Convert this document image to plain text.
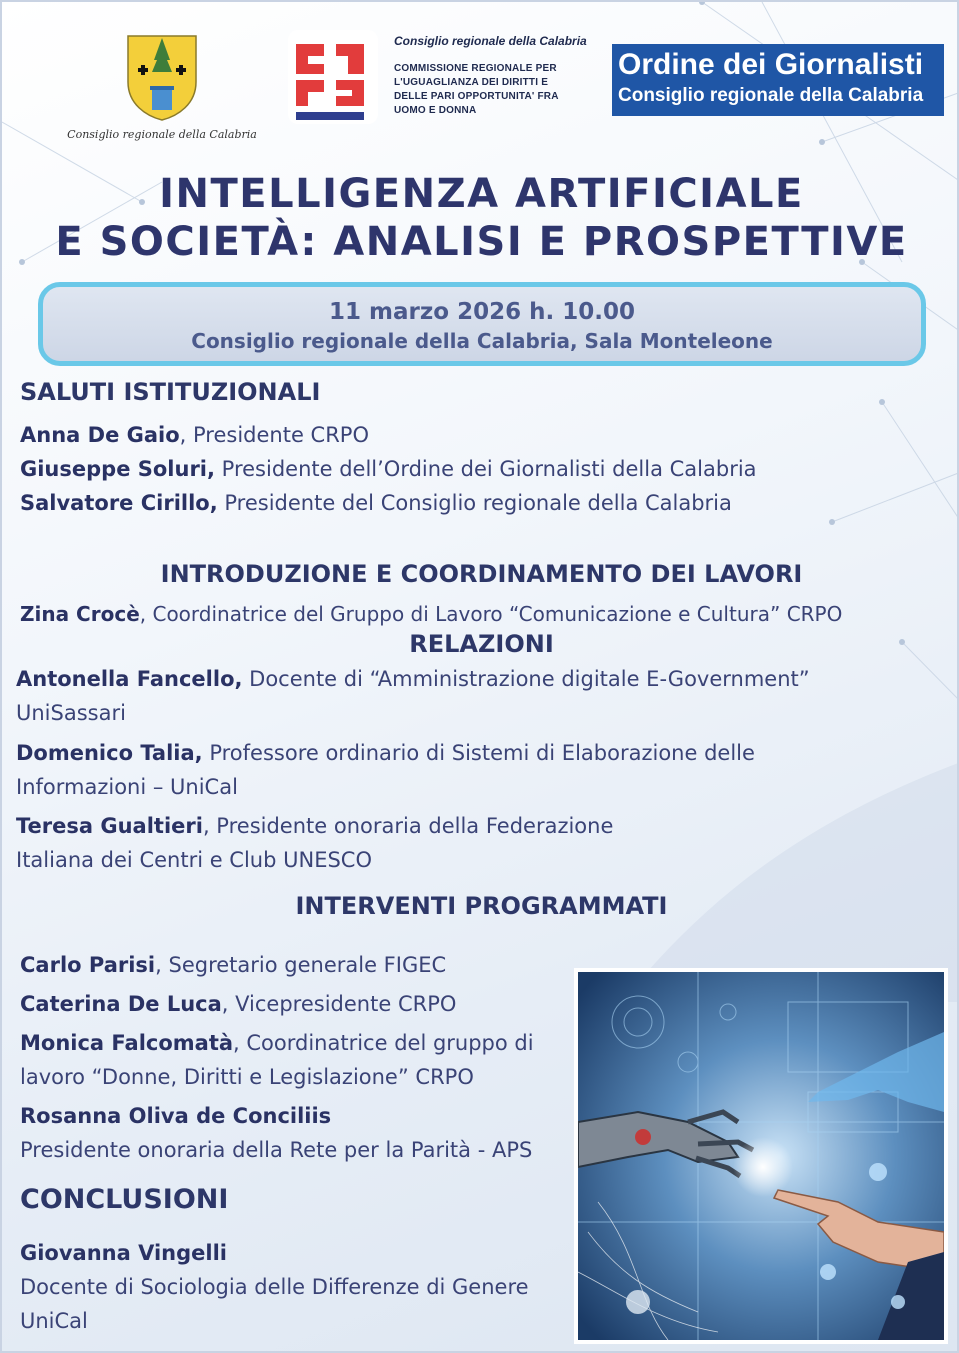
Consiglio regionale della Calabria
Consiglio regionale della Calabria
COMMISSIONE REGIONALE PER
L'UGUAGLIANZA DEI DIRITTI E
DELLE PARI OPPORTUNITA' FRA
UOMO E DONNA
Ordine dei Giornalisti
Consiglio regionale della Calabria
INTELLIGENZA ARTIFICIALE
E SOCIETÀ: ANALISI E PROSPETTIVE
11 marzo 2026 h. 10.00
Consiglio regionale della Calabria, Sala Monteleone
SALUTI ISTITUZIONALI
Anna De Gaio, Presidente CRPO
Giuseppe Soluri, Presidente dell’Ordine dei Giornalisti della Calabria
Salvatore Cirillo, Presidente del Consiglio regionale della Calabria
INTRODUZIONE E COORDINAMENTO DEI LAVORI
Zina Crocè, Coordinatrice del Gruppo di Lavoro “Comunicazione e Cultura” CRPO
RELAZIONI
Antonella Fancello, Docente di “Amministrazione digitale E-Government”
UniSassari
Domenico Talia, Professore ordinario di Sistemi di Elaborazione delle
Informazioni – UniCal
Teresa Gualtieri, Presidente onoraria della Federazione
Italiana dei Centri e Club UNESCO
INTERVENTI PROGRAMMATI
Carlo Parisi, Segretario generale FIGEC
Caterina De Luca, Vicepresidente CRPO
Monica Falcomatà, Coordinatrice del gruppo di
lavoro “Donne, Diritti e Legislazione” CRPO
Rosanna Oliva de Conciliis
Presidente onoraria della Rete per la Parità - APS
CONCLUSIONI
Giovanna Vingelli
Docente di Sociologia delle Differenze di Genere
UniCal
